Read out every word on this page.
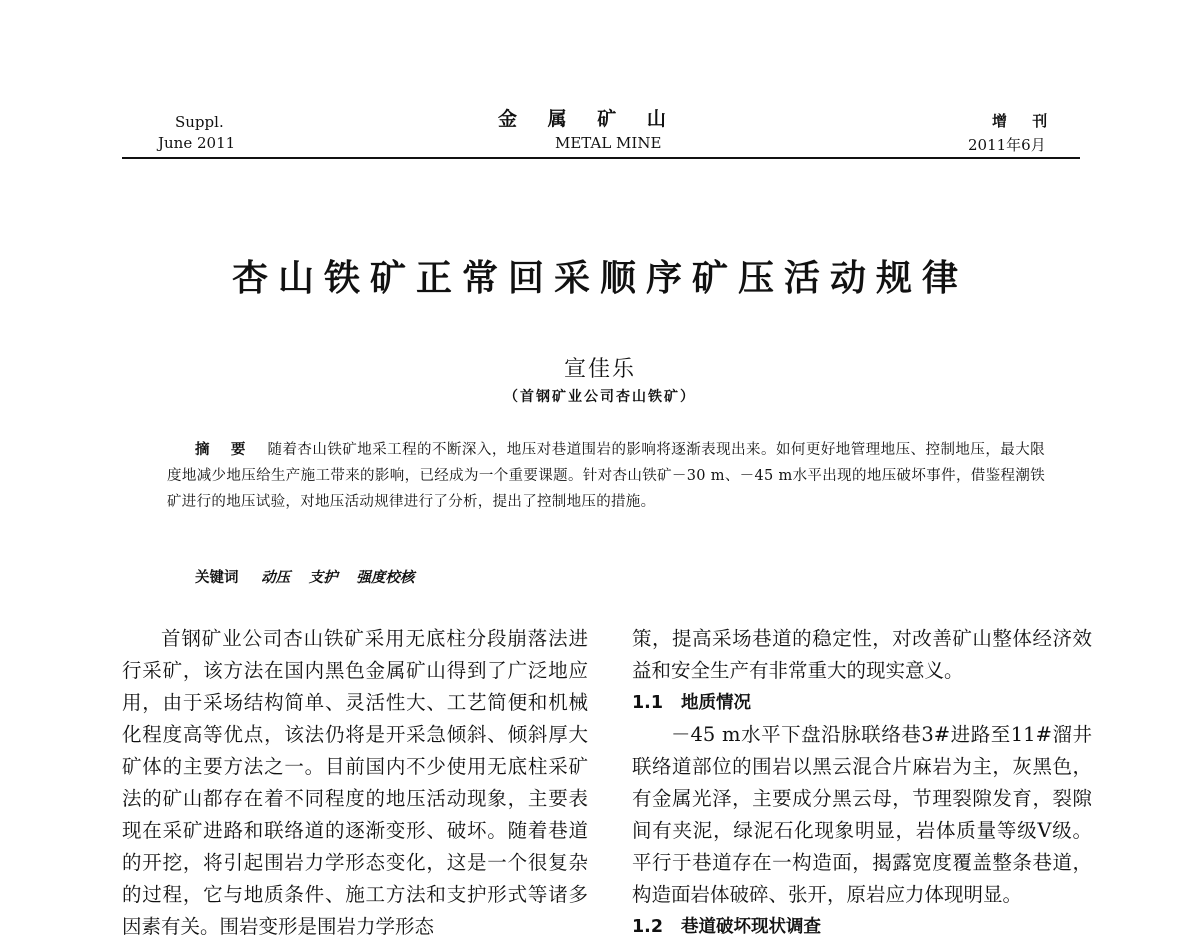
Suppl.
June 2011
金 属 矿 山
METAL MINE
增 刊
2011年6月
杏山铁矿正常回采顺序矿压活动规律
宣佳乐
（首钢矿业公司杏山铁矿）
摘 要 随着杏山铁矿地采工程的不断深入，地压对巷道围岩的影响将逐渐表现出来。如何更好地管理地压、控制地压，最大限度地减少地压给生产施工带来的影响，已经成为一个重要课题。针对杏山铁矿－30 m、－45 m水平出现的地压破坏事件，借鉴程潮铁矿进行的地压试验，对地压活动规律进行了分析，提出了控制地压的措施。
关键词 动压 支护 强度校核

首钢矿业公司杏山铁矿采用无底柱分段崩落法进行采矿，该方法在国内黑色金属矿山得到了广泛地应用，由于采场结构简单、灵活性大、工艺简便和机械化程度高等优点，该法仍将是开采急倾斜、倾斜厚大矿体的主要方法之一。目前国内不少使用无底柱采矿法的矿山都存在着不同程度的地压活动现象，主要表现在采矿进路和联络道的逐渐变形、破坏。随着巷道的开挖，将引起围岩力学形态变化，这是一个很复杂的过程，它与地质条件、施工方法和支护形式等诸多因素有关。围岩变形是围岩力学形态

策，提高采场巷道的稳定性，对改善矿山整体经济效益和安全生产有非常重大的现实意义。

1.1 地质情况

－45 m水平下盘沿脉联络巷3#进路至11#溜井联络道部位的围岩以黑云混合片麻岩为主，灰黑色，有金属光泽，主要成分黑云母，节理裂隙发育，裂隙间有夹泥，绿泥石化现象明显，岩体质量等级Ⅴ级。平行于巷道存在一构造面，揭露宽度覆盖整条巷道，构造面岩体破碎、张开，原岩应力体现明显。

1.2 巷道破坏现状调查
